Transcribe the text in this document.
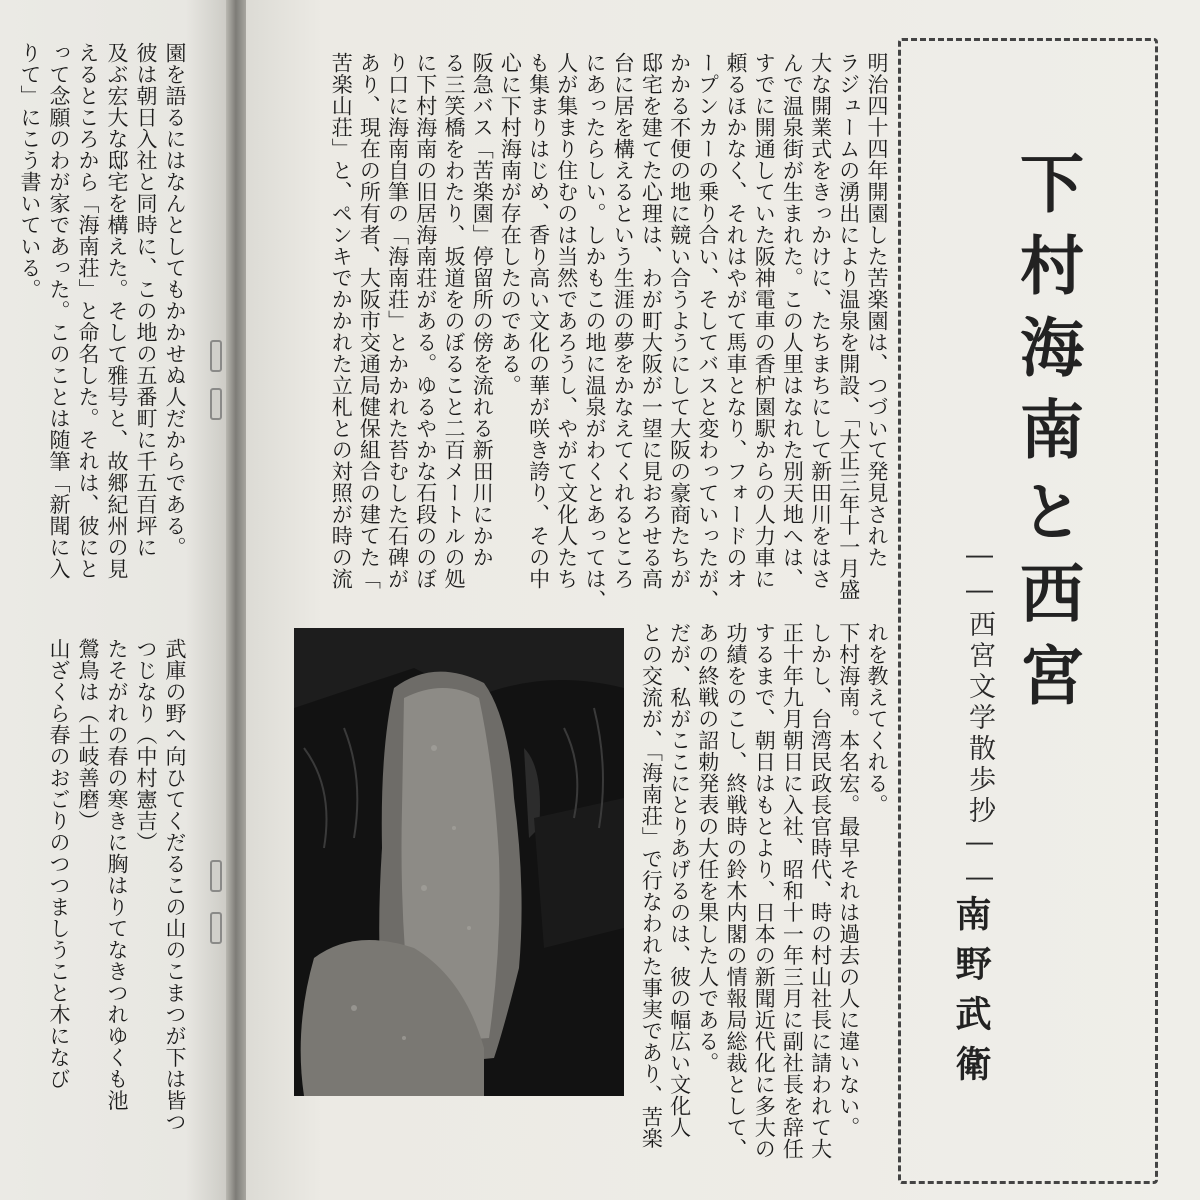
下村海南と西宮
――西宮文学散歩抄――
南野武衛
明治四十四年開園した苦楽園は、つづいて発見された
ラジュームの湧出により温泉を開設、「大正三年十一月盛
大な開業式をきっかけに、たちまちにして新田川をはさ
んで温泉街が生まれた。この人里はなれた別天地へは、
すでに開通していた阪神電車の香枦園駅からの人力車に
頼るほかなく、それはやがて馬車となり、フォードのオ
ープンカーの乗り合い、そしてバスと変わっていったが、
かかる不便の地に競い合うようにして大阪の豪商たちが
邸宅を建てた心理は、わが町大阪が一望に見おろせる高
台に居を構えるという生涯の夢をかなえてくれるところ
にあったらしい。しかもこの地に温泉がわくとあっては、
人が集まり住むのは当然であろうし、やがて文化人たち
も集まりはじめ、香り高い文化の華が咲き誇り、その中
心に下村海南が存在したのである。
阪急バス「苦楽園」停留所の傍を流れる新田川にかか
る三笑橋をわたり、坂道をのぼること二百メートルの処
に下村海南の旧居海南荘がある。ゆるやかな石段ののぼ
り口に海南自筆の「海南荘」とかかれた苔むした石碑が
あり、現在の所有者、大阪市交通局健保組合の建てた「
苦楽山荘」と、ペンキでかかれた立札との対照が時の流
れを教えてくれる。
下村海南。本名宏。最早それは過去の人に違いない。
しかし、台湾民政長官時代、時の村山社長に請われて大
正十年九月朝日に入社、昭和十一年三月に副社長を辞任
するまで、朝日はもとより、日本の新聞近代化に多大の
功績をのこし、終戦時の鈴木内閣の情報局総裁として、
あの終戦の詔勅発表の大任を果した人である。
だが、私がここにとりあげるのは、彼の幅広い文化人
との交流が、「海南荘」で行なわれた事実であり、苦楽
園を語るにはなんとしてもかかせぬ人だからである。
彼は朝日入社と同時に、この地の五番町に千五百坪に
及ぶ宏大な邸宅を構えた。そして雅号と、故郷紀州の見
えるところから「海南荘」と命名した。それは、彼にと
って念願のわが家であった。このことは随筆「新聞に入
りて」にこう書いている。
武庫の野へ向ひてくだるこの山のこまつが下は皆つ
つじなり（中村憲吉）
たそがれの春の寒きに胸はりてなきつれゆくも池
鶯鳥は（土岐善磨）
山ざくら春のおごりのつつましうこと木になび
